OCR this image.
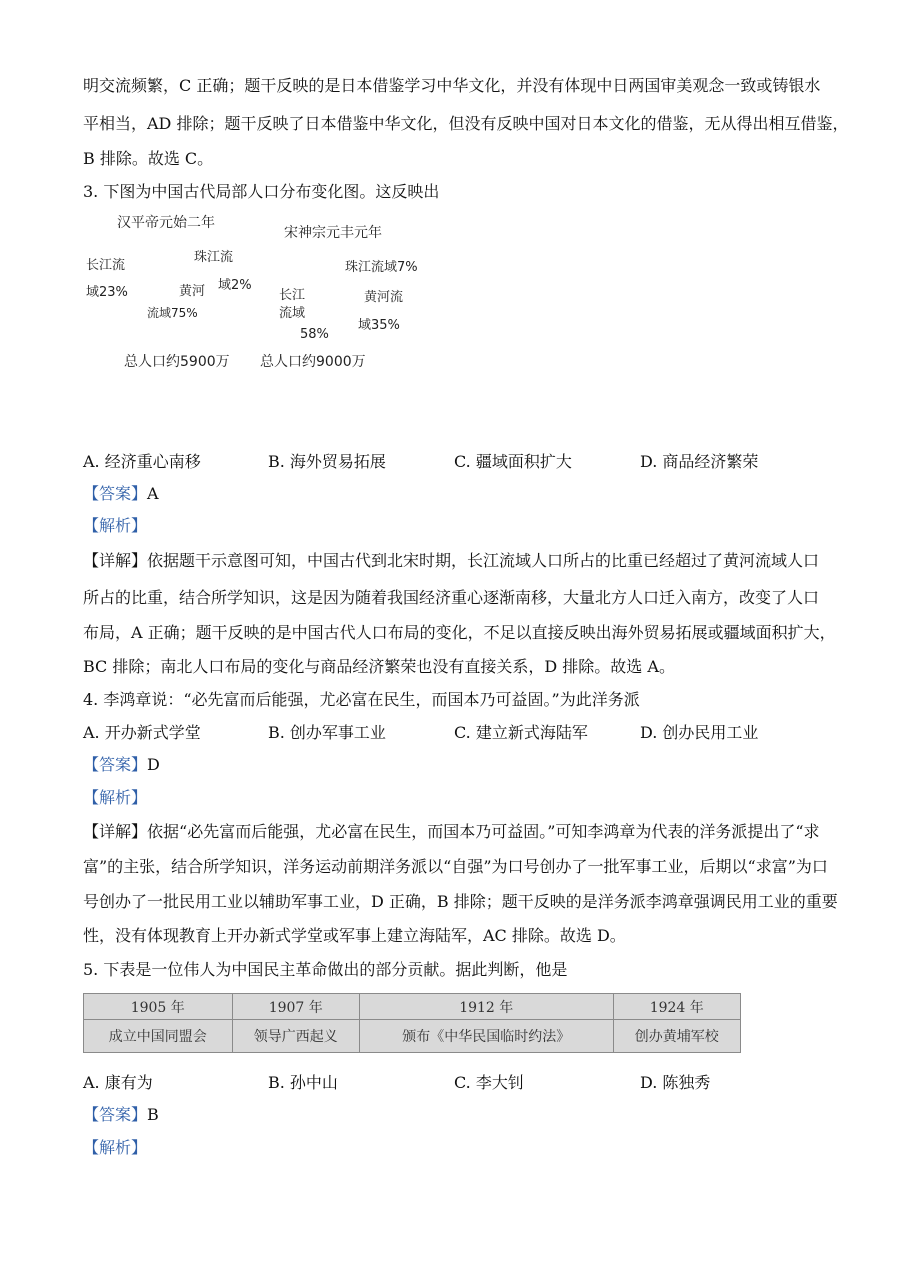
明交流频繁，C 正确；题干反映的是日本借鉴学习中华文化，并没有体现中日两国审美观念一致或铸银水
平相当，AD 排除；题干反映了日本借鉴中华文化，但没有反映中国对日本文化的借鉴，无从得出相互借鉴，
B 排除。故选 C。
3. 下图为中国古代局部人口分布变化图。这反映出
汉平帝元始二年
长江流
域23%
珠江流
域2%
黄河
流域75%
总人口约5900万
宋神宗元丰元年
珠江流域7%
黄河流
域35%
长江
流域
58%
总人口约9000万
A. 经济重心南移	B. 海外贸易拓展	C. 疆域面积扩大	D. 商品经济繁荣
【答案】A
【解析】
【详解】依据题干示意图可知，中国古代到北宋时期，长江流域人口所占的比重已经超过了黄河流域人口
所占的比重，结合所学知识，这是因为随着我国经济重心逐渐南移，大量北方人口迁入南方，改变了人口
布局，A 正确；题干反映的是中国古代人口布局的变化，不足以直接反映出海外贸易拓展或疆域面积扩大，
BC 排除；南北人口布局的变化与商品经济繁荣也没有直接关系，D 排除。故选 A。
4. 李鸿章说：“必先富而后能强，尤必富在民生，而国本乃可益固。”为此洋务派
A. 开办新式学堂	B. 创办军事工业	C. 建立新式海陆军	D. 创办民用工业
【答案】D
【解析】
【详解】依据“必先富而后能强，尤必富在民生，而国本乃可益固。”可知李鸿章为代表的洋务派提出了“求
富”的主张，结合所学知识，洋务运动前期洋务派以“自强”为口号创办了一批军事工业，后期以“求富”为口
号创办了一批民用工业以辅助军事工业，D 正确，B 排除；题干反映的是洋务派李鸿章强调民用工业的重要
性，没有体现教育上开办新式学堂或军事上建立海陆军，AC 排除。故选 D。
5. 下表是一位伟人为中国民主革命做出的部分贡献。据此判断，他是
1905 年	1907 年	1912 年	1924 年
成立中国同盟会	领导广西起义	颁布《中华民国临时约法》	创办黄埔军校
A. 康有为	B. 孙中山	C. 李大钊	D. 陈独秀
【答案】B
【解析】
